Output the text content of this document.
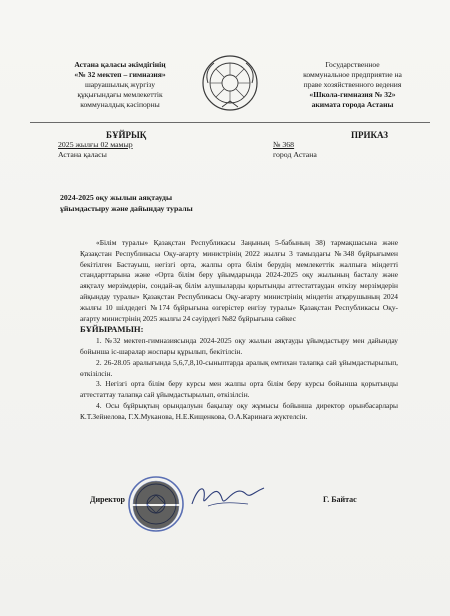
Астана қаласы әкімдігінің
«№ 32 мектеп – гимназия»
шаруашылық жүргізу
құқығындағы мемлекеттік
коммуналдық кәсіпорны
Государственное
коммунальное предприятие на
праве хозяйственного ведения
«Школа-гимназия № 32»
акимата города Астаны
БҰЙРЫҚ
2025 жылғы 02 мамыр
Астана қаласы
ПРИКАЗ
№ 368
город Астана
2024-2025 оқу жылын аяқтауды
ұйымдастыру және дайындау туралы

«Білім туралы» Қазақстан Республикасы Заңының 5-бабының 38) тармақшасына және Қазақстан Республикасы Оқу-ағарту министрінің 2022 жылғы 3 тамыздағы №348 бұйрығымен бекітілген Бастауыш, негізгі орта, жалпы орта білім берудің мемлекеттік жалпыға міндетті стандарттарына және «Орта білім беру ұйымдарында 2024-2025 оқу жылының басталу және аяқталу мерзімдерін, сондай-ақ білім алушыларды қорытынды аттестаттаудан өткізу мерзімдерін айқындау туралы» Қазақстан Республикасы Оқу-ағарту министрінің міндетін атқарушының 2024 жылғы 10 шілдедегі №174 бұйрығына өзгерістер енгізу туралы» Қазақстан Республикасы Оқу-ағарту министрінің 2025 жылғы 24 сәуірдегі №82 бұйрығына сәйкес

БҰЙЫРАМЫН:

1. №32 мектеп-гимназиясында 2024-2025 оқу жылын аяқтауды ұйымдастыру мен дайындау бойынша іс-шаралар жоспары құрылып, бекітілсін.

2. 26-28.05 аралығында 5,6,7,8,10-сыныптарда аралық емтихан талапқа сай ұйымдастырылып, өткізілсін.

3. Негізгі орта білім беру курсы мен жалпы орта білім беру курсы бойынша қорытынды аттестаттау талапқа сай ұйымдастырылып, өткізілсін.

4. Осы бұйрықтың орындалуын бақылау оқу жұмысы бойынша директор орынбасарлары К.Т.Зейнелова, Г.Х.Муканова, Н.Е.Кищенкова, О.А.Каринаға жүктелсін.

Директор	Г. Байтас
